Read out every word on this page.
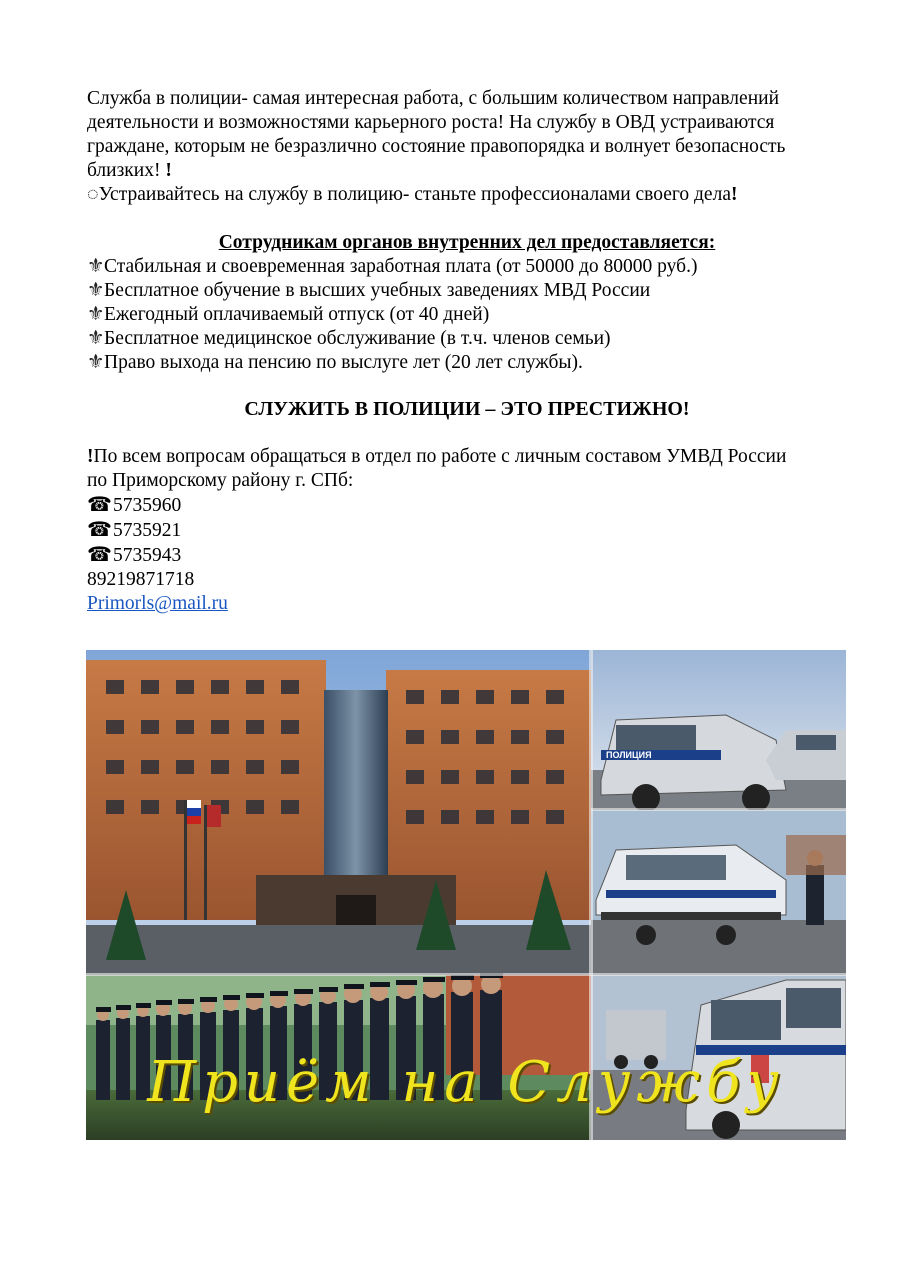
Служба в полиции- самая интересная работа, с большим количеством направлений
деятельности и возможностями карьерного роста! На службу в ОВД устраиваются
граждане, которым не безразлично состояние правопорядка и волнует безопасность
близких! !
◌Устраивайтесь на службу в полицию- станьте профессионалами своего дела!
Сотрудникам органов внутренних дел предоставляется:
⚜ Стабильная и своевременная заработная плата (от 50000 до 80000 руб.)
⚜ Бесплатное обучение в высших учебных заведениях МВД России
⚜ Ежегодный оплачиваемый отпуск (от 40 дней)
⚜ Бесплатное медицинское обслуживание (в т.ч. членов семьи)
⚜ Право выхода на пенсию по выслуге лет (20 лет службы).
СЛУЖИТЬ В ПОЛИЦИИ – ЭТО ПРЕСТИЖНО!
!По всем вопросам обращаться в отдел по работе с личным составом УМВД России
по Приморскому району г. СПб:
☎5735960
☎5735921
☎5735943
89219871718
Primorls@mail.ru
ПОЛИЦИЯ
Приём на Службу
